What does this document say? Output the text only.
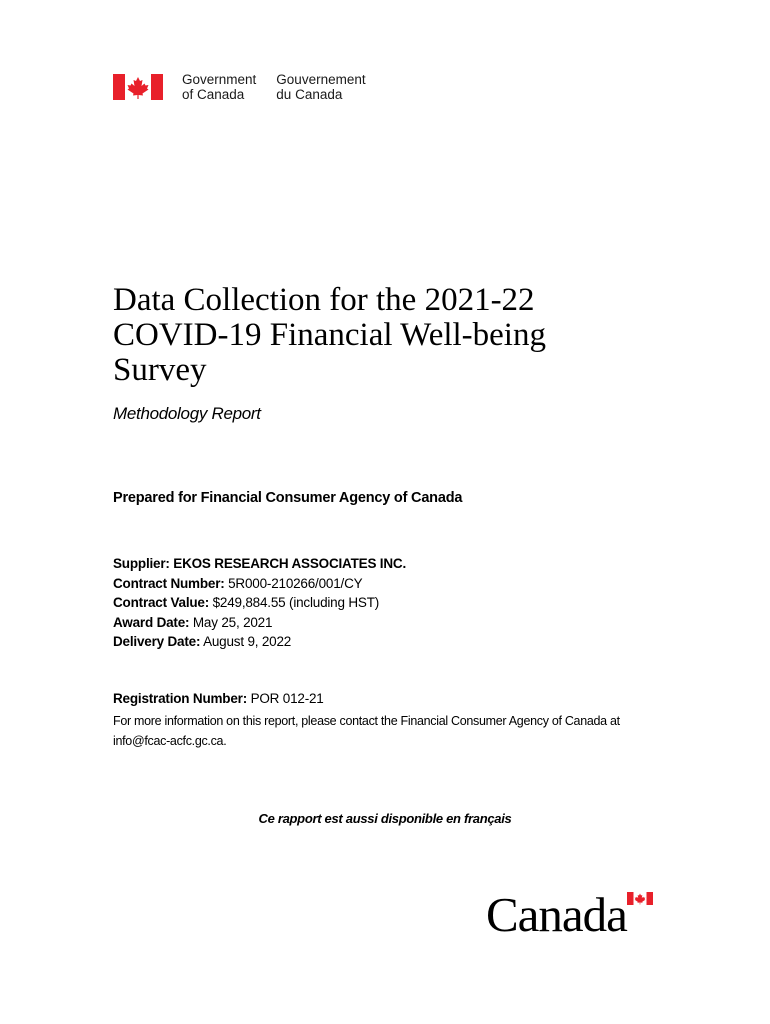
Government
of Canada
Gouvernement
du Canada
Data Collection for the 2021-22
COVID-19 Financial Well-being
Survey
Methodology Report
Prepared for Financial Consumer Agency of Canada
Supplier: EKOS RESEARCH ASSOCIATES INC.
Contract Number: 5R000-210266/001/CY
Contract Value: $249,884.55 (including HST)
Award Date: May 25, 2021
Delivery Date: August 9, 2022
Registration Number: POR 012-21
For more information on this report, please contact the Financial Consumer Agency of Canada at
info@fcac-acfc.gc.ca.
Ce rapport est aussi disponible en français
Canada
